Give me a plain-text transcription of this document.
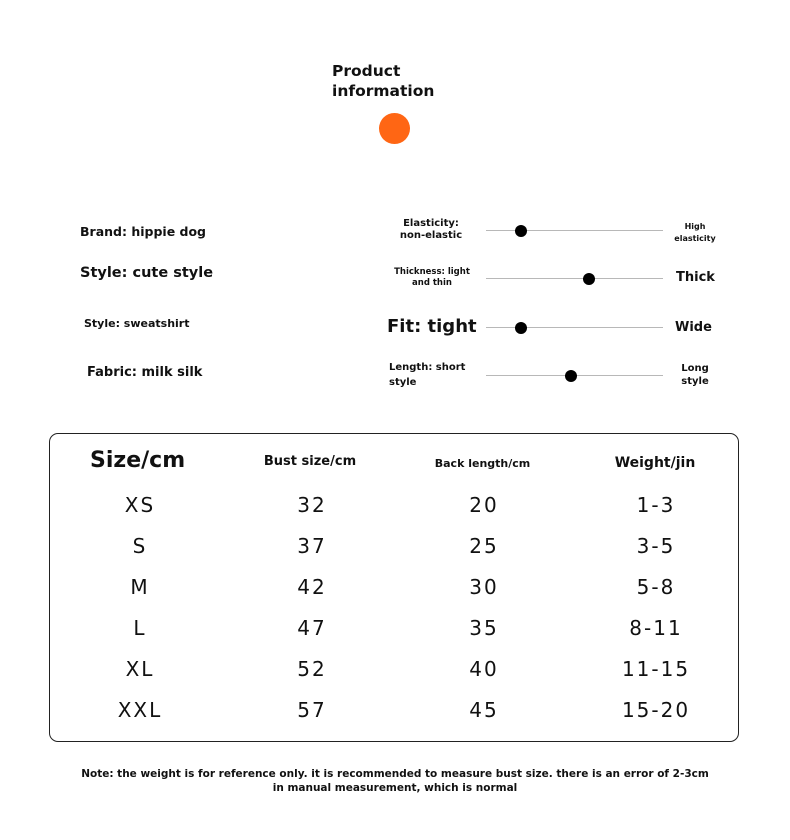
Product information
Brand: hippie dog
Style: cute style
Style: sweatshirt
Fabric: milk silk
Elasticity: non-elastic
High elasticity
Thickness: light and thin	Thick
Fit: tight	Wide
Length: short style
Long style
Size/cm	Bust size/cm	Back length/cm	Weight/jin
XS	32	20	1-3
S	37	25	3-5
M	42	30	5-8
L	47	35	8-11
XL	52	40	11-15
XXL	57	45	15-20
Note: the weight is for reference only. it is recommended to measure bust size. there is an error of 2-3cm in manual measurement, which is normal
